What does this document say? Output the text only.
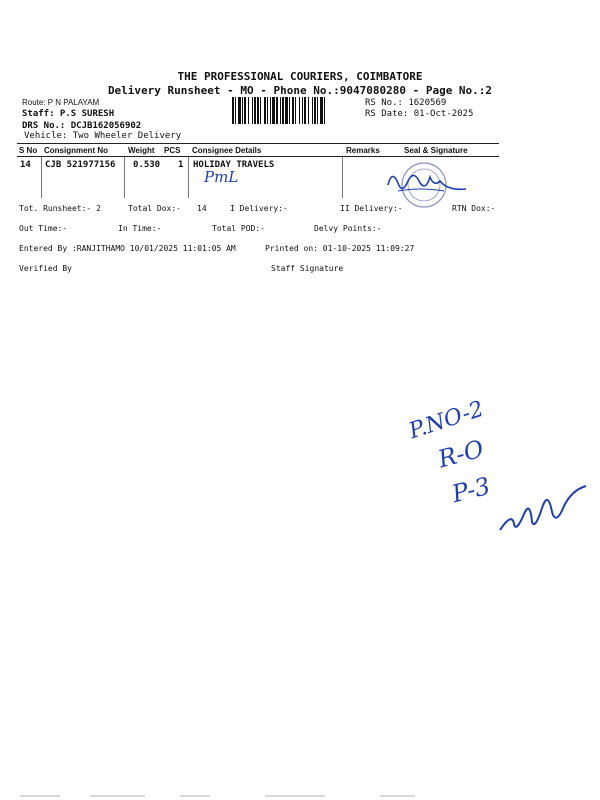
THE PROFESSIONAL COURIERS, COIMBATORE
Delivery Runsheet - MO - Phone No.:9047080280 - Page No.:2
Route: P N PALAYAM
Staff: P.S SURESH
DRS No.: DCJB162056902
Vehicle: Two Wheeler Delivery
RS No.: 1620569
RS Date: 01-Oct-2025
S No Consignment No	Weight PCS Consignee Details	Remarks	Seal & Signature
14 CJB 521977156 0.530 1 HOLIDAY TRAVELS
PmL
Tot. Runsheet:- 2	Total Dox:- 14	I Delivery:-	II Delivery:-	RTN Dox:-
Out Time:-	In Time:-	Total POD:-	Delvy Points:-
Entered By :RANJITHAMO 10/01/2025 11:01:05 AM	Printed on: 01-10-2025 11:09:27
Verified By	Staff Signature
P.NO-2
R-O
P-3
